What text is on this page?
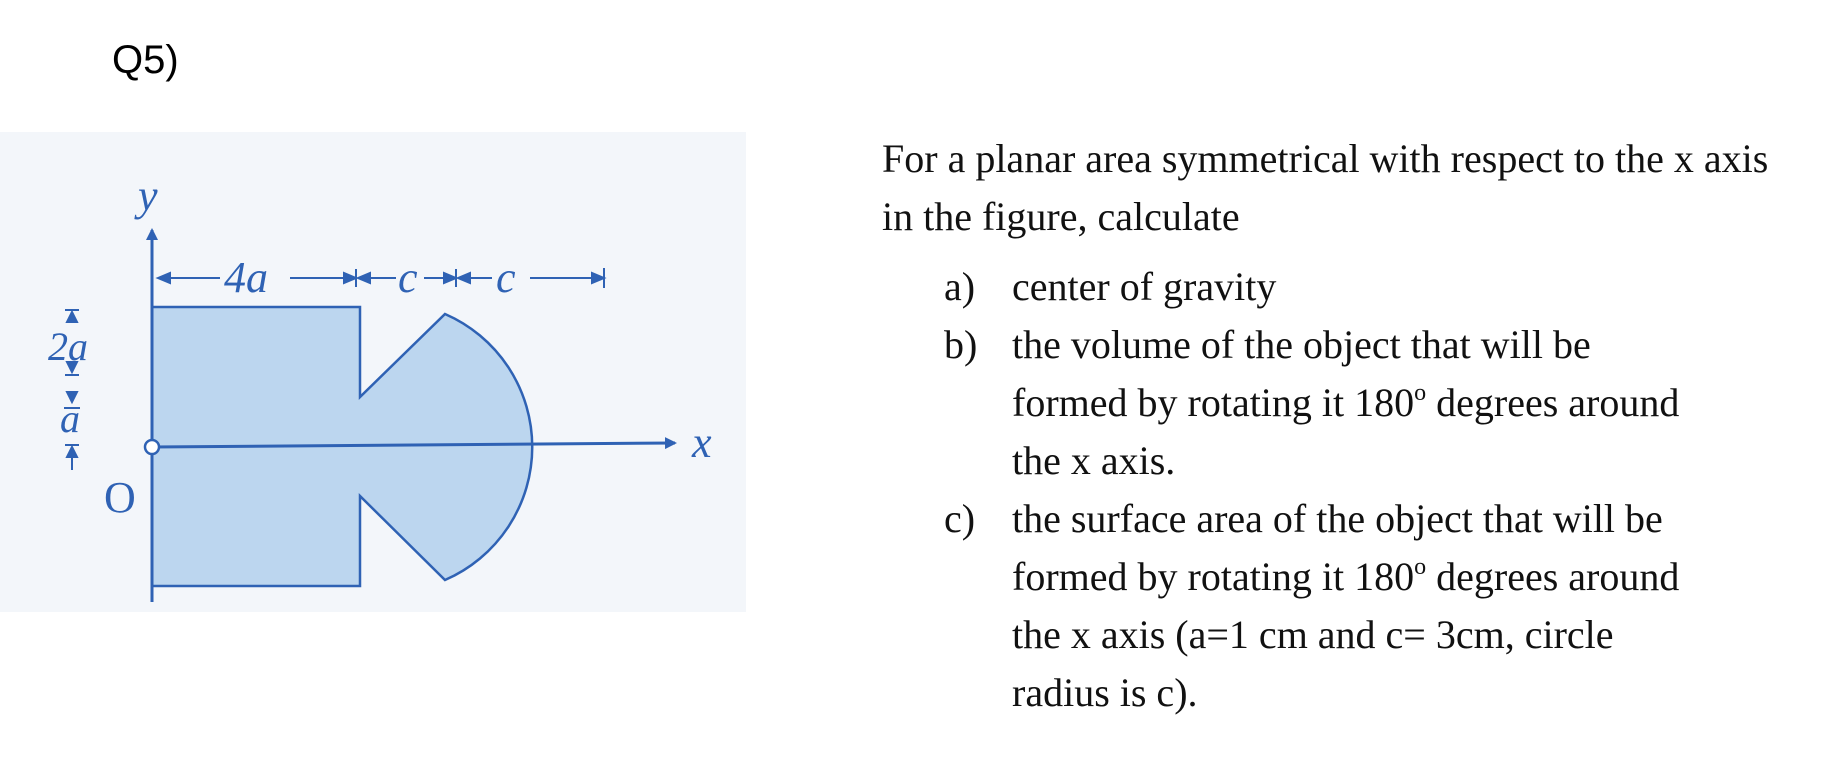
Q5)
y
x
O
4a	c c
2a
a

For a planar area symmetrical with respect to the x axis in the figure, calculate

a) center of gravity
b) the volume of the object that will be formed by rotating it 180$^o$ degrees around the x axis.
c) the surface area of the object that will be formed by rotating it 180$^o$ degrees around the x axis (a=1 cm and c= 3cm, circle radius is c).
